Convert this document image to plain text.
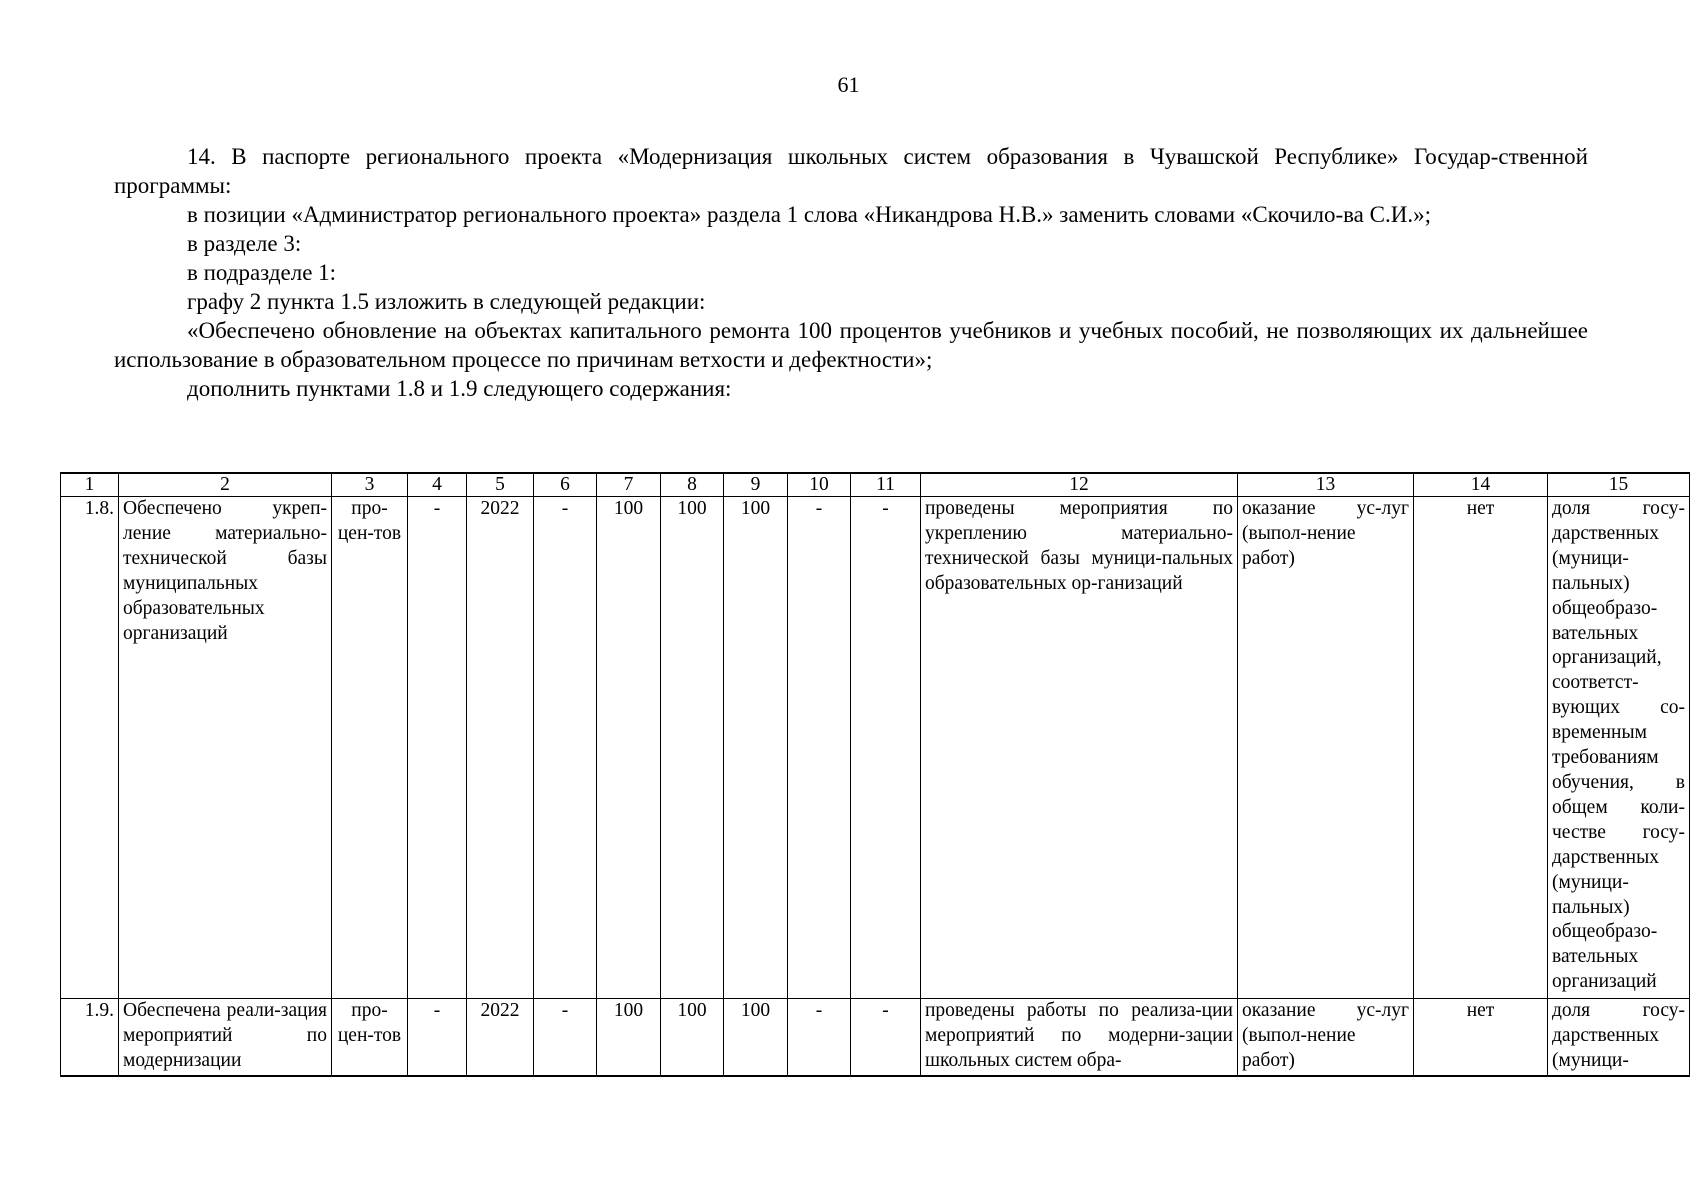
61

14. В паспорте регионального проекта «Модернизация школьных систем образования в Чувашской Республике» Государ-ственной программы:

в позиции «Администратор регионального проекта» раздела 1 слова «Никандрова Н.В.» заменить словами «Скочило-ва С.И.»;

в разделе 3:

в подразделе 1:

графу 2 пункта 1.5 изложить в следующей редакции:

«Обеспечено обновление на объектах капитального ремонта 100 процентов учебников и учебных пособий, не позволяющих их дальнейшее использование в образовательном процессе по причинам ветхости и дефектности»;

дополнить пунктами 1.8 и 1.9 следующего содержания:

1	2	3	4	5	6	7	8	9	10	11	12	13	14	15
1.8.	Обеспечено укреп-ление материально-технической базы муниципальных образовательных организаций	про-цен-тов	-	2022	-	100	100	100	-	-	проведены мероприятия по укреплению материально-технической базы муници-пальных образовательных ор-ганизаций	оказание ус-луг (выпол-нение работ)	нет	доля госу-дарственных (муници-пальных) общеобразо-вательных организаций, соответст-вующих со-временным требованиям обучения, в общем коли-честве госу-дарственных (муници-пальных) общеобразо-вательных организаций
1.9.	Обеспечена реали-зация мероприятий по модернизации	про-цен-тов	-	2022	-	100	100	100	-	-	проведены работы по реализа-ции мероприятий по модерни-зации школьных систем обра-	оказание ус-луг (выпол-нение работ)	нет	доля госу-дарственных (муници-
